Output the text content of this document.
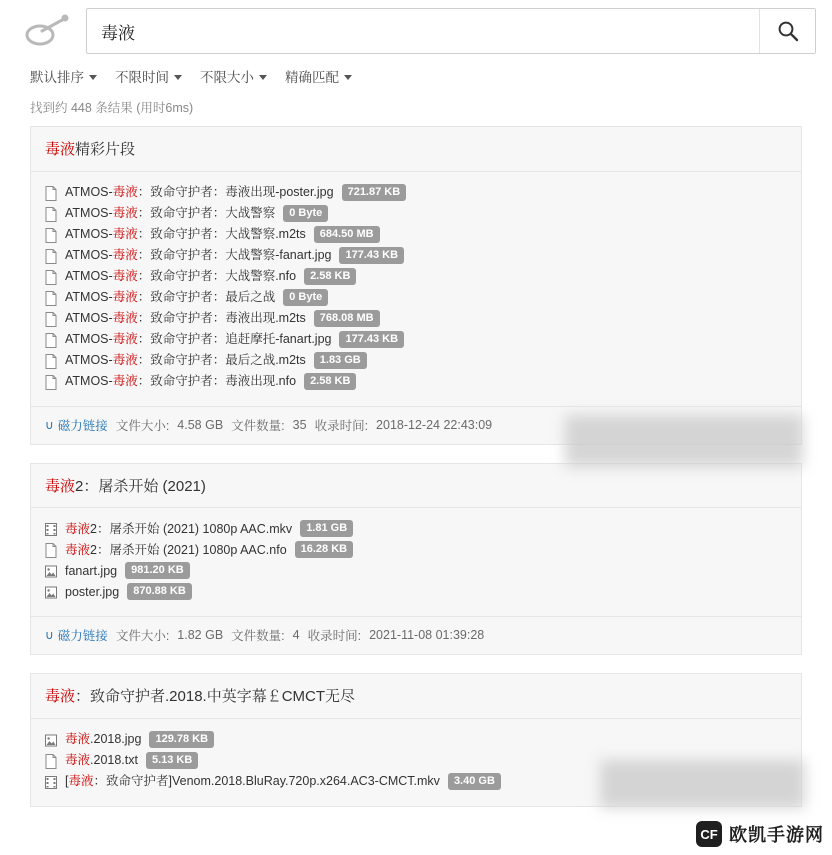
毒液
默认排序	不限时间	不限大小	精确匹配
找到约 448 条结果 (用时6ms)
毒液精彩片段
ATMOS-毒液：致命守护者：毒液出现-poster.jpg	721.87 KB
ATMOS-毒液：致命守护者：大战警察	0 Byte
ATMOS-毒液：致命守护者：大战警察.m2ts	684.50 MB
ATMOS-毒液：致命守护者：大战警察-fanart.jpg	177.43 KB
ATMOS-毒液：致命守护者：大战警察.nfo	2.58 KB
ATMOS-毒液：致命守护者：最后之战	0 Byte
ATMOS-毒液：致命守护者：毒液出现.m2ts	768.08 MB
ATMOS-毒液：致命守护者：追赶摩托-fanart.jpg	177.43 KB
ATMOS-毒液：致命守护者：最后之战.m2ts	1.83 GB
ATMOS-毒液：致命守护者：毒液出现.nfo	2.58 KB
∪ 磁力链接 文件大小: 4.58 GB 文件数量: 35 收录时间: 2018-12-24 22:43:09
毒液2：屠杀开始 (2021)
毒液2：屠杀开始 (2021) 1080p AAC.mkv	1.81 GB
毒液2：屠杀开始 (2021) 1080p AAC.nfo	16.28 KB
fanart.jpg	981.20 KB
poster.jpg	870.88 KB
∪ 磁力链接 文件大小: 1.82 GB 文件数量: 4 收录时间: 2021-11-08 01:39:28
毒液：致命守护者.2018.中英字幕￡CMCT无尽
毒液.2018.jpg	129.78 KB
毒液.2018.txt	5.13 KB
[毒液：致命守护者]Venom.2018.BluRay.720p.x264.AC3-CMCT.mkv	3.40 GB
CF 欧凯手游网
